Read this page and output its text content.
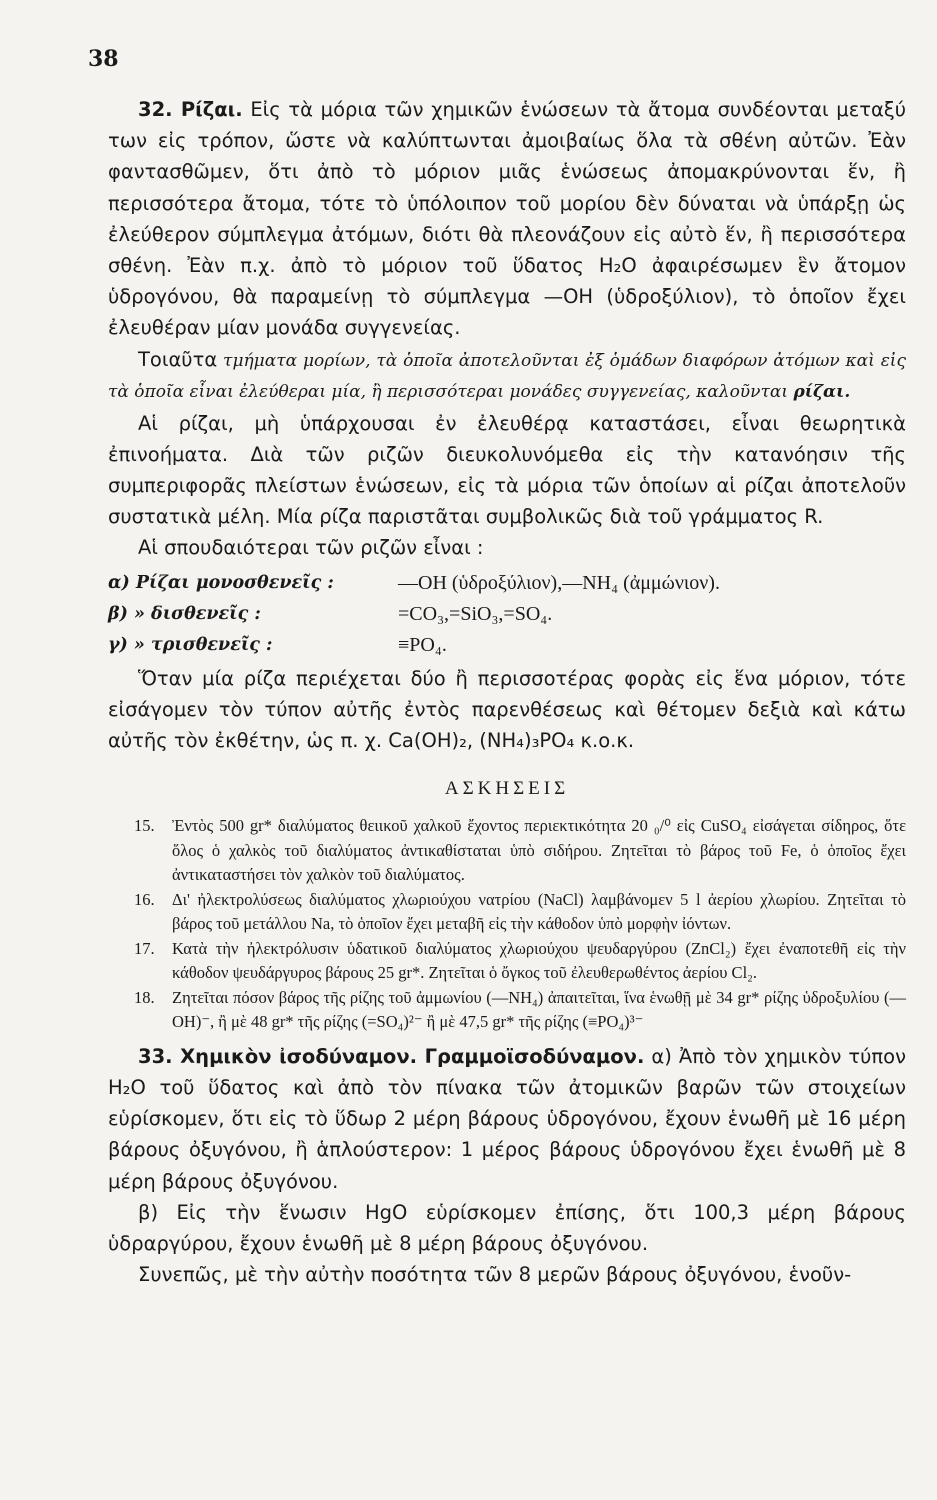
38

32. Ρίζαι. Εἰς τὰ μόρια τῶν χημικῶν ἑνώσεων τὰ ἄτομα συνδέονται μεταξύ των εἰς τρόπον, ὥστε νὰ καλύπτωνται ἀμοιβαίως ὅλα τὰ σθένη αὐτῶν. Ἐὰν φαντασθῶμεν, ὅτι ἀπὸ τὸ μόριον μιᾶς ἑνώσεως ἀπομακρύνονται ἕν, ἢ περισσότερα ἄτομα, τότε τὸ ὑπόλοιπον τοῦ μορίου δὲν δύναται νὰ ὑπάρξῃ ὡς ἐλεύθερον σύμπλεγμα ἀτόμων, διότι θὰ πλεονάζουν εἰς αὐτὸ ἕν, ἢ περισσότερα σθένη. Ἐὰν π.χ. ἀπὸ τὸ μόριον τοῦ ὕδατος H₂O ἀφαιρέσωμεν ἓν ἄτομον ὑδρογόνου, θὰ παραμείνῃ τὸ σύμπλεγμα —OH (ὑδροξύλιον), τὸ ὁποῖον ἔχει ἐλευθέραν μίαν μονάδα συγγενείας.

Τοιαῦτα τμήματα μορίων, τὰ ὁποῖα ἀποτελοῦνται ἐξ ὁμάδων διαφόρων ἀτόμων καὶ εἰς τὰ ὁποῖα εἶναι ἐλεύθεραι μία, ἢ περισσότεραι μονάδες συγγενείας, καλοῦνται ρίζαι.

Αἱ ρίζαι, μὴ ὑπάρχουσαι ἐν ἐλευθέρᾳ καταστάσει, εἶναι θεωρητικὰ ἐπινοήματα. Διὰ τῶν ριζῶν διευκολυνόμεθα εἰς τὴν κατανόησιν τῆς συμπεριφορᾶς πλείστων ἑνώσεων, εἰς τὰ μόρια τῶν ὁποίων αἱ ρίζαι ἀποτελοῦν συστατικὰ μέλη. Μία ρίζα παριστᾶται συμβολικῶς διὰ τοῦ γράμματος R.

Αἱ σπουδαιότεραι τῶν ριζῶν εἶναι :

α) Ρίζαι μονοσθενεῖς :	—OH (ὑδροξύλιον),—NH₄ (ἀμμώνιον).
β) » δισθενεῖς :	=CO₃,=SiO₃,=SO₄.
γ) » τρισθενεῖς :	≡PO₄.

Ὅταν μία ρίζα περιέχεται δύο ἢ περισσοτέρας φορὰς εἰς ἕνα μόριον, τότε εἰσάγομεν τὸν τύπον αὐτῆς ἐντὸς παρενθέσεως καὶ θέτομεν δεξιὰ καὶ κάτω αὐτῆς τὸν ἐκθέτην, ὡς π. χ. Ca(OH)₂, (NH₄)₃PO₄ κ.ο.κ.

ΑΣΚΗΣΕΙΣ
15.	Ἐντὸς 500 gr* διαλύματος θειικοῦ χαλκοῦ ἔχοντος περιεκτικότητα 20 ₀/⁰ εἰς CuSO₄ εἰσάγεται σίδηρος, ὅτε ὅλος ὁ χαλκὸς τοῦ διαλύματος ἀντικαθίσταται ὑπὸ σιδήρου. Ζητεῖται τὸ βάρος τοῦ Fe, ὁ ὁποῖος ἔχει ἀντικαταστήσει τὸν χαλκὸν τοῦ διαλύματος.
16.	Δι' ἠλεκτρολύσεως διαλύματος χλωριούχου νατρίου (NaCl) λαμβάνομεν 5 l ἀερίου χλωρίου. Ζητεῖται τὸ βάρος τοῦ μετάλλου Na, τὸ ὁποῖον ἔχει μεταβῆ εἰς τὴν κάθοδον ὑπὸ μορφὴν ἰόντων.
17.	Κατὰ τὴν ἠλεκτρόλυσιν ὑδατικοῦ διαλύματος χλωριούχου ψευδαργύρου (ZnCl₂) ἔχει ἐναποτεθῆ εἰς τὴν κάθοδον ψευδάργυρος βάρους 25 gr*. Ζητεῖται ὁ ὄγκος τοῦ ἐλευθερωθέντος ἀερίου Cl₂.
18.	Ζητεῖται πόσον βάρος τῆς ρίζης τοῦ ἀμμωνίου (—NH₄) ἀπαιτεῖται, ἵνα ἑνωθῇ μὲ 34 gr* ρίζης ὑδροξυλίου (—OH)⁻, ἢ μὲ 48 gr* τῆς ρίζης (=SO₄)²⁻ ἢ μὲ 47,5 gr* τῆς ρίζης (≡PO₄)³⁻

33. Χημικὸν ἰσοδύναμον. Γραμμοϊσοδύναμον. α) Ἀπὸ τὸν χημικὸν τύπον H₂O τοῦ ὕδατος καὶ ἀπὸ τὸν πίνακα τῶν ἀτομικῶν βαρῶν τῶν στοιχείων εὑρίσκομεν, ὅτι εἰς τὸ ὕδωρ 2 μέρη βάρους ὑδρογόνου, ἔχουν ἑνωθῆ μὲ 16 μέρη βάρους ὀξυγόνου, ἢ ἁπλούστερον: 1 μέρος βάρους ὑδρογόνου ἔχει ἑνωθῆ μὲ 8 μέρη βάρους ὀξυγόνου.

β) Εἰς τὴν ἕνωσιν HgO εὑρίσκομεν ἐπίσης, ὅτι 100,3 μέρη βάρους ὑδραργύρου, ἔχουν ἑνωθῆ μὲ 8 μέρη βάρους ὀξυγόνου.

Συνεπῶς, μὲ τὴν αὐτὴν ποσότητα τῶν 8 μερῶν βάρους ὀξυγόνου, ἑνοῦν-
